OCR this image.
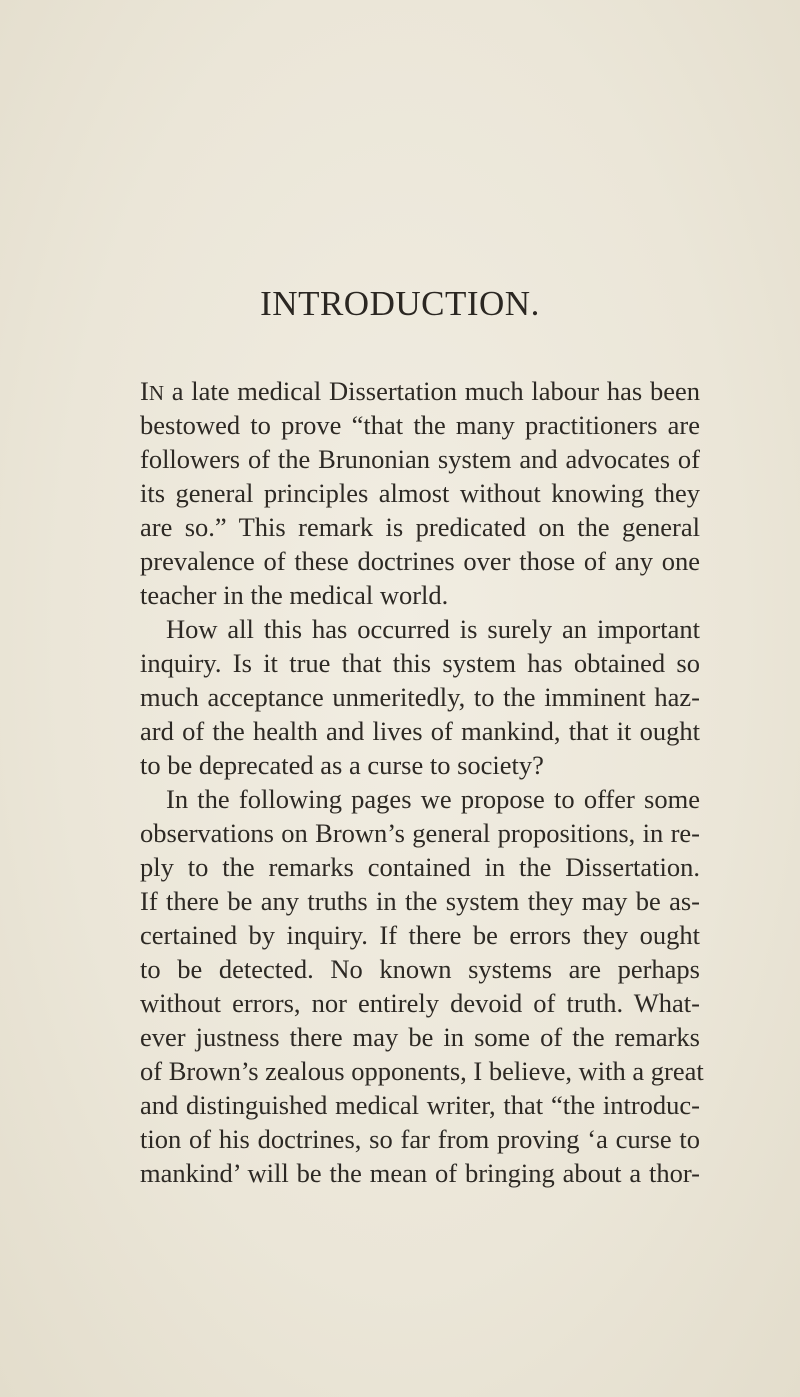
INTRODUCTION.
IN a late medical Dissertation much labour has been
bestowed to prove “that the many practitioners are
followers of the Brunonian system and advocates of
its general principles almost without knowing they
are so.” This remark is predicated on the general
prevalence of these doctrines over those of any one
teacher in the medical world.
How all this has occurred is surely an important
inquiry. Is it true that this system has obtained so
much acceptance unmeritedly, to the imminent haz-
ard of the health and lives of mankind, that it ought
to be deprecated as a curse to society?
In the following pages we propose to offer some
observations on Brown’s general propositions, in re-
ply to the remarks contained in the Dissertation.
If there be any truths in the system they may be as-
certained by inquiry. If there be errors they ought
to be detected. No known systems are perhaps
without errors, nor entirely devoid of truth. What-
ever justness there may be in some of the remarks
of Brown’s zealous opponents, I believe, with a great
and distinguished medical writer, that “the introduc-
tion of his doctrines, so far from proving ‘a curse to
mankind’ will be the mean of bringing about a thor-
